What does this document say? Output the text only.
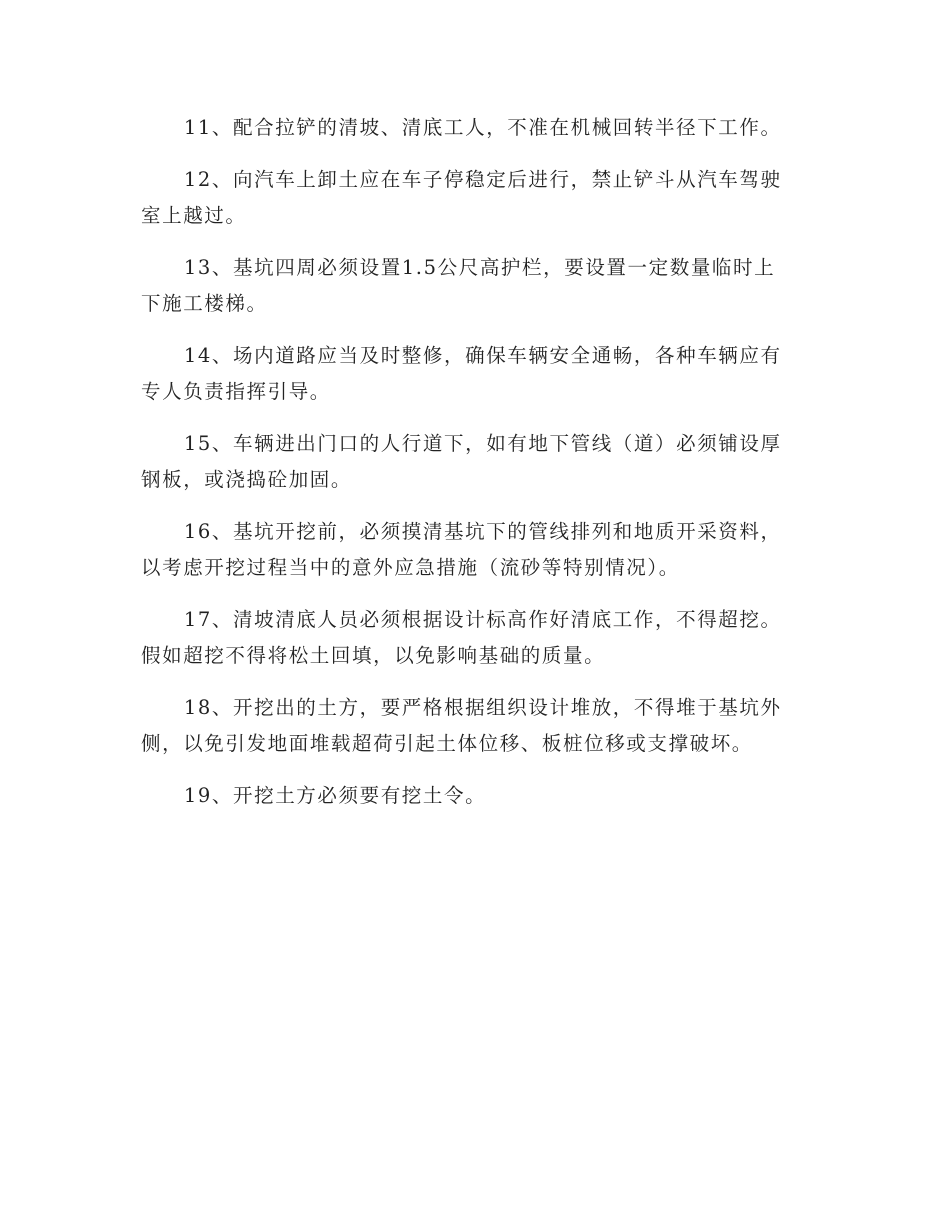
11、配合拉铲的清坡、清底工人，不准在机械回转半径下工作。

12、向汽车上卸土应在车子停稳定后进行，禁止铲斗从汽车驾驶室上越过。

13、基坑四周必须设置1.5公尺高护栏，要设置一定数量临时上下施工楼梯。

14、场内道路应当及时整修，确保车辆安全通畅，各种车辆应有专人负责指挥引导。

15、车辆进出门口的人行道下，如有地下管线（道）必须铺设厚钢板，或浇捣砼加固。

16、基坑开挖前，必须摸清基坑下的管线排列和地质开采资料，以考虑开挖过程当中的意外应急措施（流砂等特别情况）。

17、清坡清底人员必须根据设计标高作好清底工作，不得超挖。假如超挖不得将松土回填，以免影响基础的质量。

18、开挖出的土方，要严格根据组织设计堆放，不得堆于基坑外侧，以免引发地面堆载超荷引起土体位移、板桩位移或支撑破坏。

19、开挖土方必须要有挖土令。
